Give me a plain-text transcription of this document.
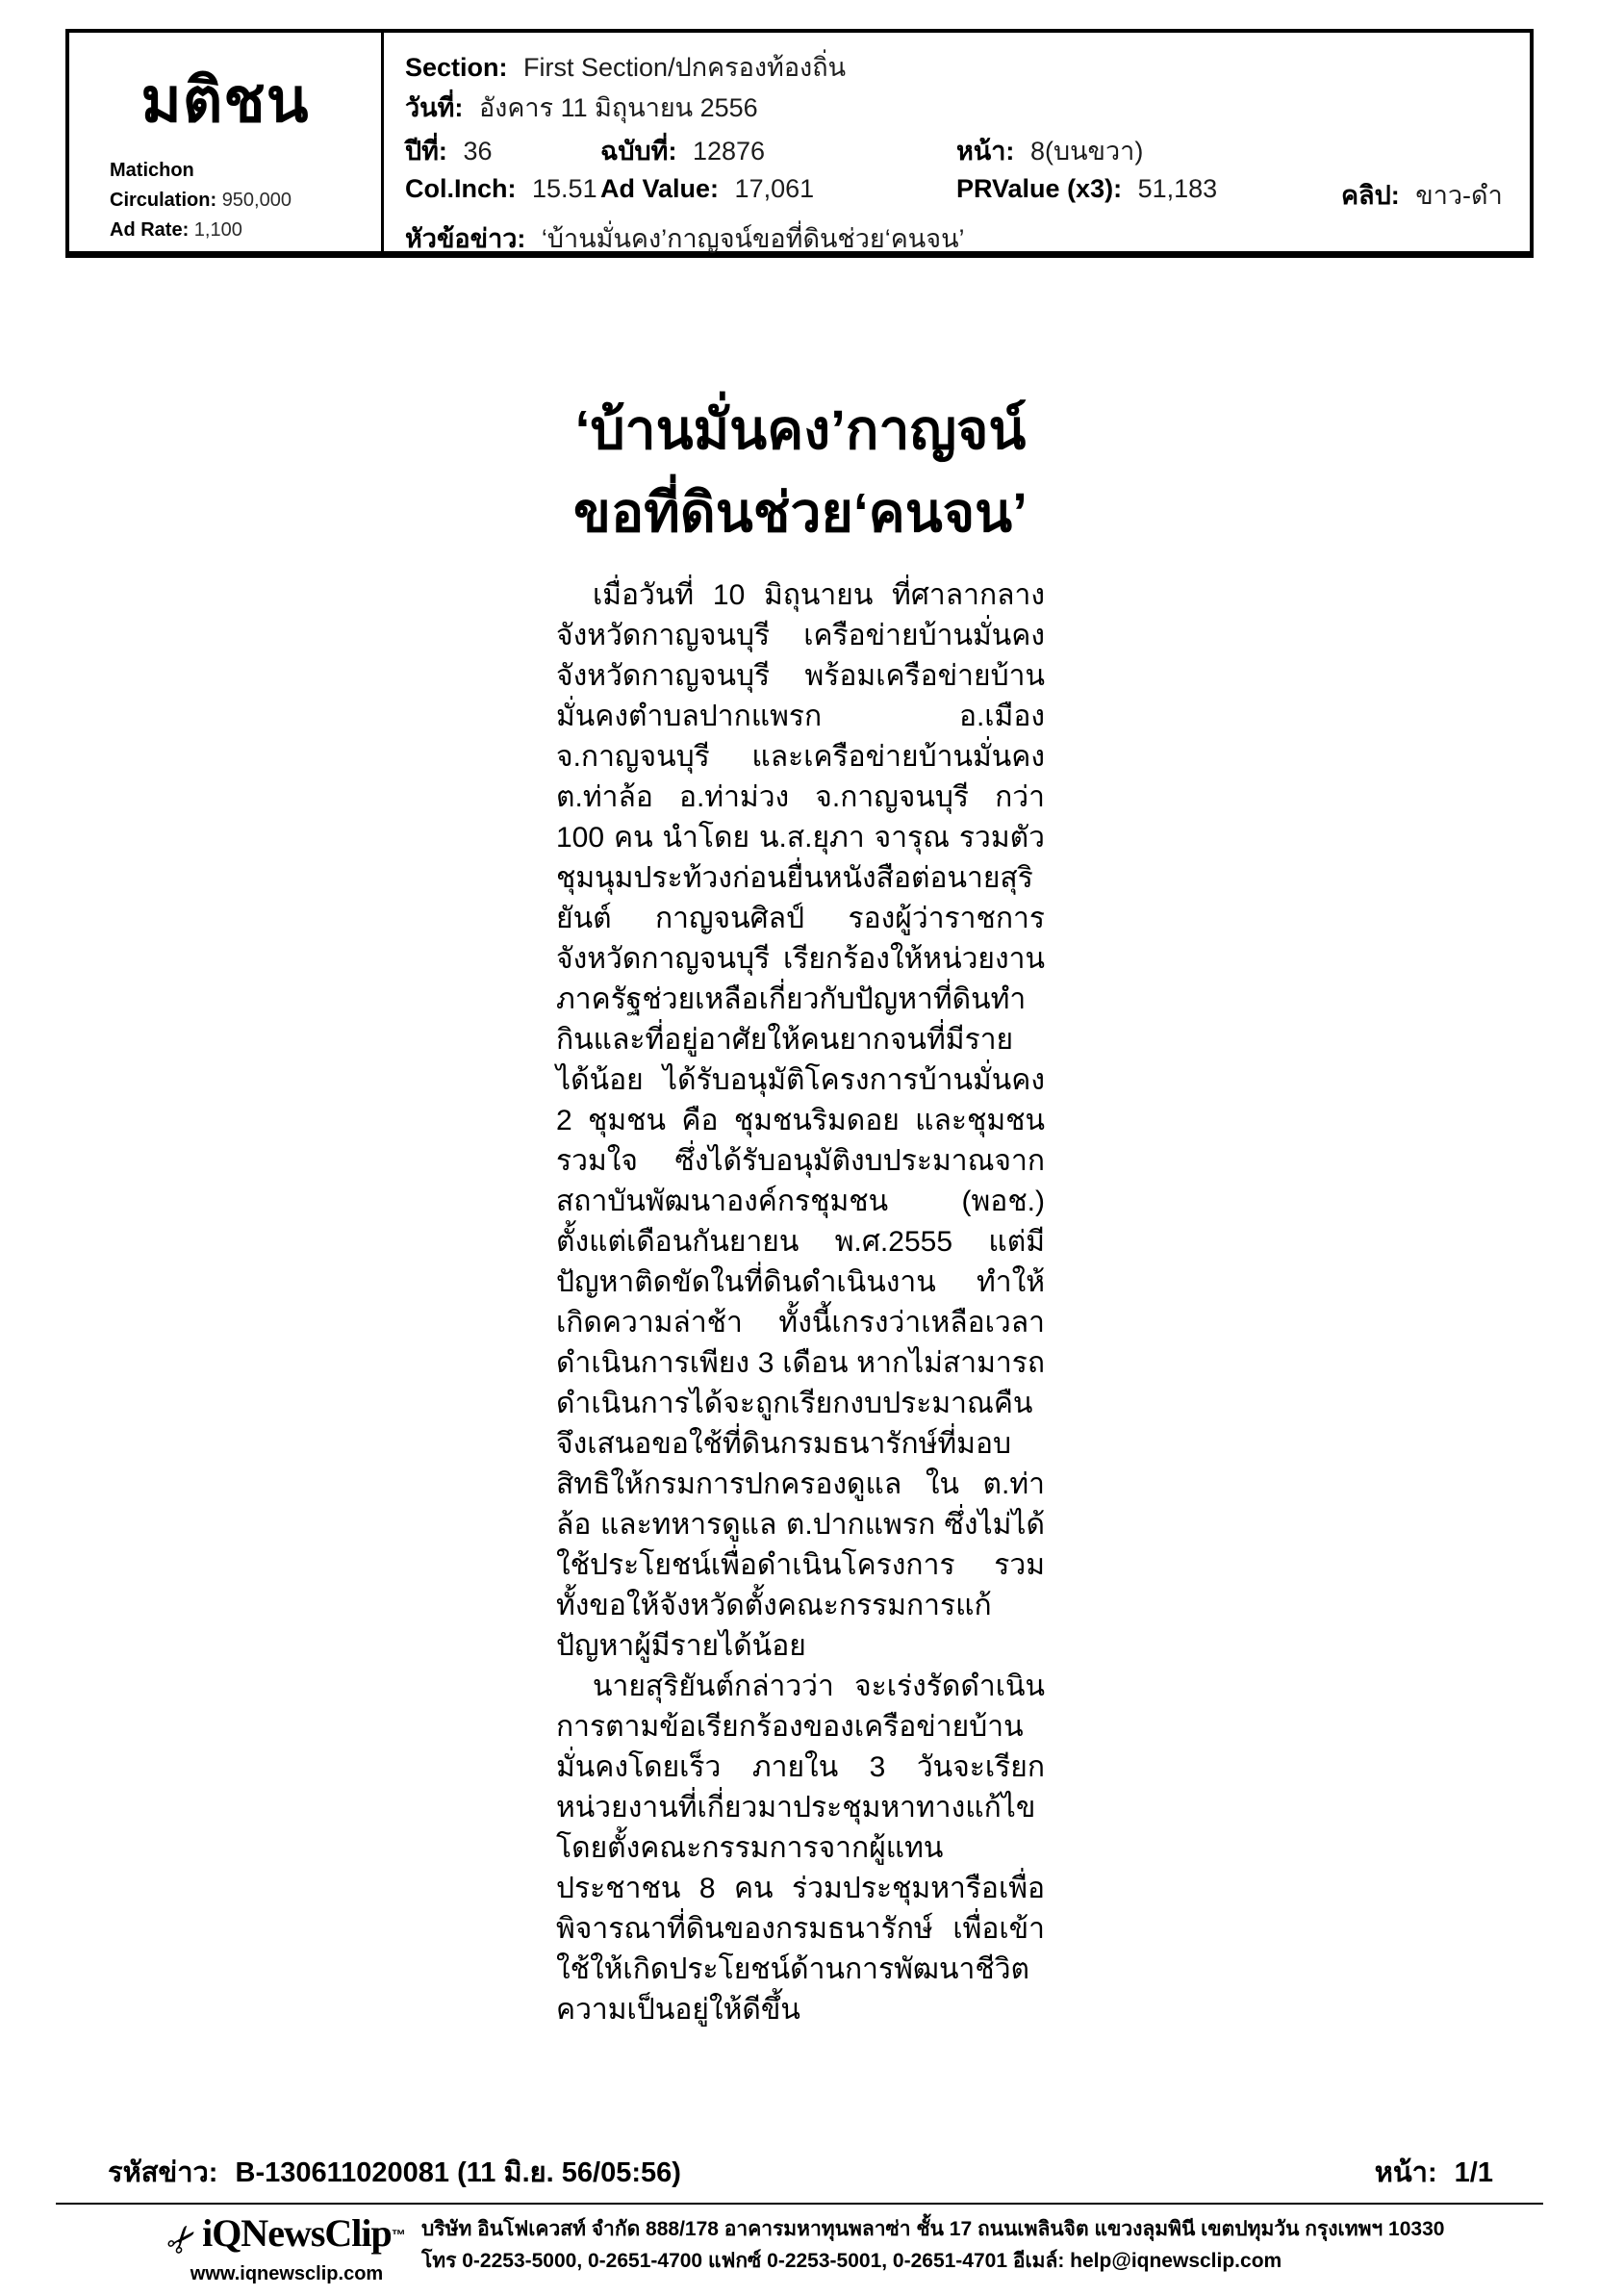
มติชน
Matichon
Circulation: 950,000
Ad Rate: 1,100
Section: First Section/ปกครองท้องถิ่น
วันที่: อังคาร 11 มิถุนายน 2556
ปีที่: 36	ฉบับที่: 12876	หน้า: 8(บนขวา)
Col.Inch: 15.51 Ad Value: 17,061	PRValue (x3): 51,183	คลิป: ขาว-ดำ
หัวข้อข่าว: ‘บ้านมั่นคง’กาญจน์ขอที่ดินช่วย‘คนจน’
‘บ้านมั่นคง’กาญจน์
ขอที่ดินช่วย‘คนจน’

เมื่อวันที่ 10 มิถุนายน ที่ศาลากลางจังหวัดกาญจนบุรี เครือข่ายบ้านมั่นคงจังหวัดกาญจนบุรี พร้อมเครือข่ายบ้านมั่นคงตำบลปากแพรก อ.เมือง จ.กาญจนบุรี และเครือข่ายบ้านมั่นคง ต.ท่าล้อ อ.ท่าม่วง จ.กาญจนบุรี กว่า 100 คน นำโดย น.ส.ยุภา จารุณ รวมตัวชุมนุมประท้วงก่อนยื่นหนังสือต่อนายสุริยันต์ กาญจนศิลป์ รองผู้ว่าราชการจังหวัดกาญจนบุรี เรียกร้องให้หน่วยงานภาครัฐช่วยเหลือเกี่ยวกับปัญหาที่ดินทำกินและที่อยู่อาศัยให้คนยากจนที่มีรายได้น้อย ได้รับอนุมัติโครงการบ้านมั่นคง 2 ชุมชน คือ ชุมชนริมดอย และชุมชนรวมใจ ซึ่งได้รับอนุมัติงบประมาณจากสถาบันพัฒนาองค์กรชุมชน (พอช.) ตั้งแต่เดือนกันยายน พ.ศ.2555 แต่มีปัญหาติดขัดในที่ดินดำเนินงาน ทำให้เกิดความล่าช้า ทั้งนี้เกรงว่าเหลือเวลาดำเนินการเพียง 3 เดือน หากไม่สามารถดำเนินการได้จะถูกเรียกงบประมาณคืน จึงเสนอขอใช้ที่ดินกรมธนารักษ์ที่มอบสิทธิให้กรมการปกครองดูแล ใน ต.ท่าล้อ และทหารดูแล ต.ปากแพรก ซึ่งไม่ได้ใช้ประโยชน์เพื่อดำเนินโครงการ รวมทั้งขอให้จังหวัดตั้งคณะกรรมการแก้ปัญหาผู้มีรายได้น้อย

นายสุริยันต์กล่าวว่า จะเร่งรัดดำเนินการตามข้อเรียกร้องของเครือข่ายบ้านมั่นคงโดยเร็ว ภายใน 3 วันจะเรียกหน่วยงานที่เกี่ยวมาประชุมหาทางแก้ไข โดยตั้งคณะกรรมการจากผู้แทนประชาชน 8 คน ร่วมประชุมหารือเพื่อพิจารณาที่ดินของกรมธนารักษ์ เพื่อเข้าใช้ให้เกิดประโยชน์ด้านการพัฒนาชีวิตความเป็นอยู่ให้ดีขึ้น

รหัสข่าว: B-130611020081 (11 มิ.ย. 56/05:56)	หน้า: 1/1
✂iQNewsClip™
www.iqnewsclip.com
บริษัท อินโฟเควสท์ จำกัด 888/178 อาคารมหาทุนพลาซ่า ชั้น 17 ถนนเพลินจิต แขวงลุมพินี เขตปทุมวัน กรุงเทพฯ 10330
โทร 0-2253-5000, 0-2651-4700 แฟกซ์ 0-2253-5001, 0-2651-4701 อีเมล์: help@iqnewsclip.com
